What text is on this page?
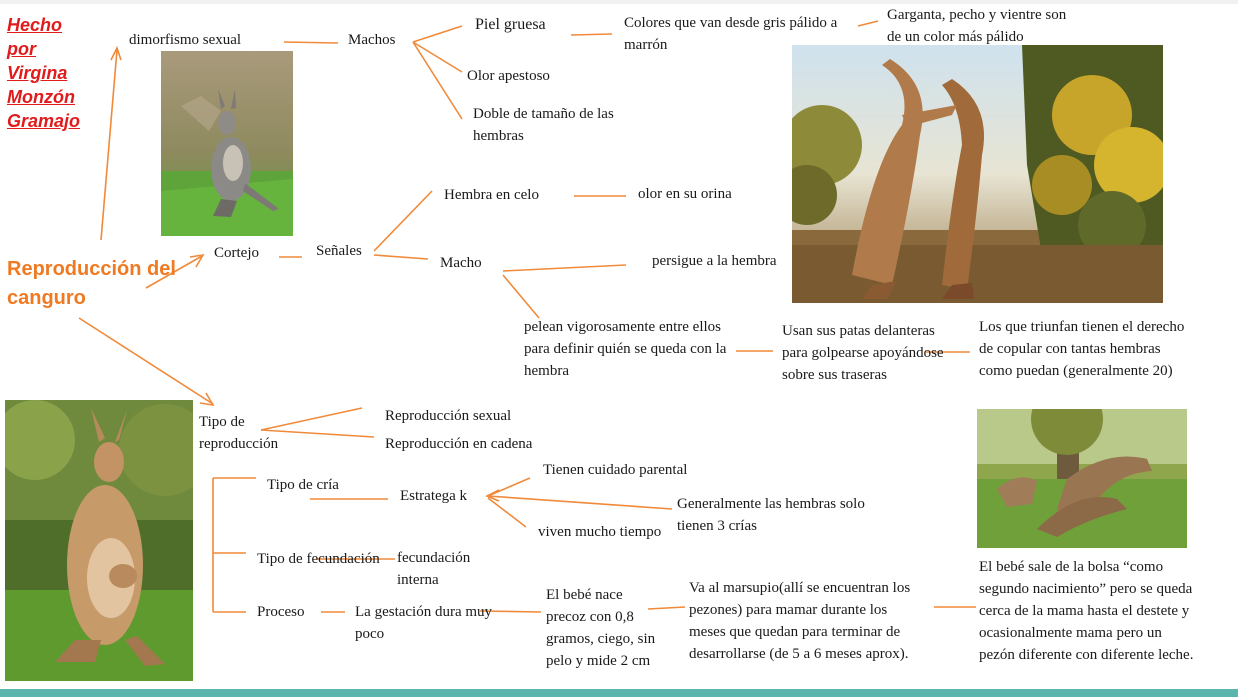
Hecho
por
Virgina
Monzón
Gramajo
Reproducción del
canguro
dimorfismo sexual	Machos
Piel gruesa	Colores que van desde gris pálido a
marrón
Garganta, pecho y vientre son
de un color más pálido
Olor apestoso
Doble de tamaño de las
hembras
Cortejo	Señales
Hembra en celo	olor en su orina
Macho	persigue a la hembra
pelean vigorosamente entre ellos
para definir quién se queda con la
hembra
Usan sus patas delanteras
para golpearse apoyándose
sobre sus traseras
Los que triunfan tienen el derecho
de copular con tantas hembras
como puedan (generalmente 20)
Tipo de
reproducción
Reproducción sexual
Reproducción en cadena
Tipo de cría
Estratega k
Tienen cuidado parental
Generalmente las hembras solo
tienen 3 crías
viven mucho tiempo
Tipo de fecundación fecundación
interna
Proceso	La gestación dura muy
poco
El bebé nace
precoz con 0,8
gramos, ciego, sin
pelo y mide 2 cm
Va al marsupio(allí se encuentran los
pezones) para mamar durante los
meses que quedan para terminar de
desarrollarse (de 5 a 6 meses aprox).
El bebé sale de la bolsa “como
segundo nacimiento” pero se queda
cerca de la mama hasta el destete y
ocasionalmente mama pero un
pezón diferente con diferente leche.
